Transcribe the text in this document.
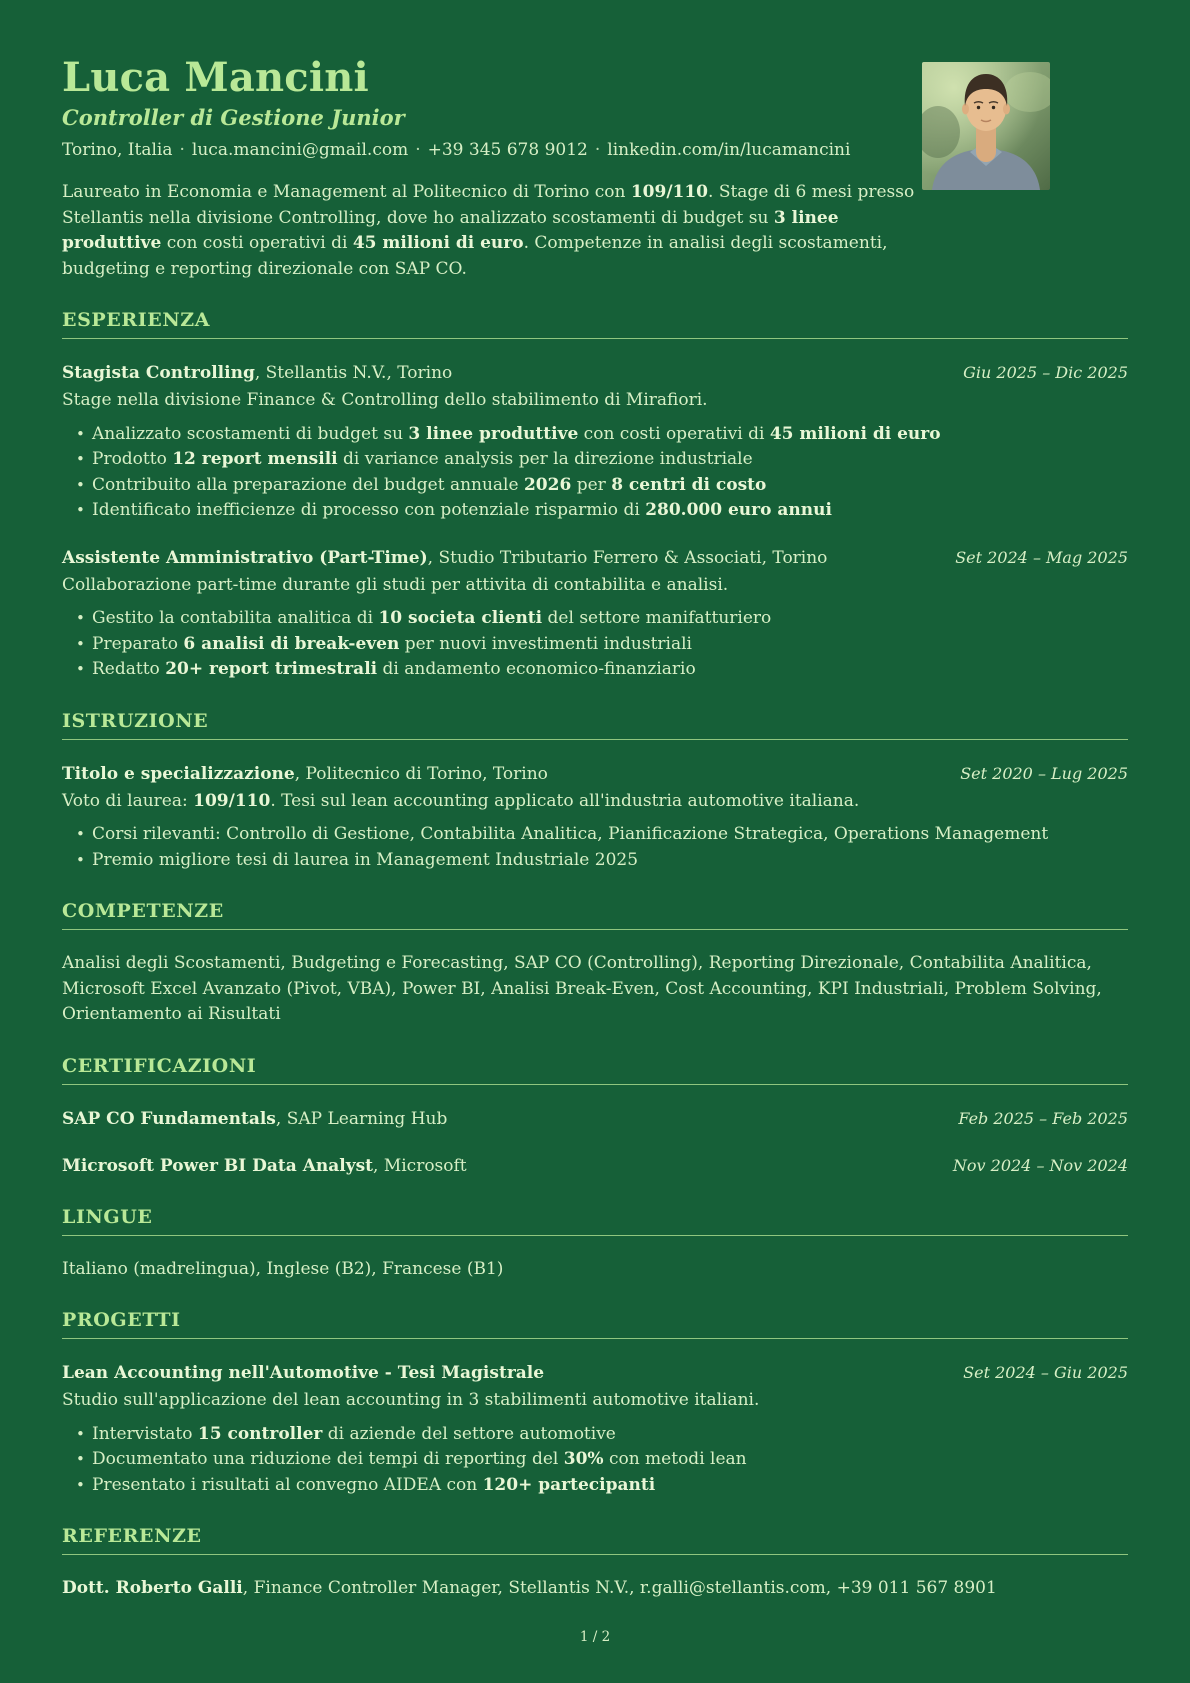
Luca Mancini
Controller di Gestione Junior
Torino, Italia · luca.mancini@gmail.com · +39 345 678 9012 · linkedin.com/in/lucamancini

Laureato in Economia e Management al Politecnico di Torino con 109/110. Stage di 6 mesi presso Stellantis nella divisione Controlling, dove ho analizzato scostamenti di budget su 3 linee produttive con costi operativi di 45 milioni di euro. Competenze in analisi degli scostamenti, budgeting e reporting direzionale con SAP CO.

ESPERIENZA
Stagista Controlling, Stellantis N.V., Torino	Giu 2025 – Dic 2025
Stage nella divisione Finance & Controlling dello stabilimento di Mirafiori.
• Analizzato scostamenti di budget su 3 linee produttive con costi operativi di 45 milioni di euro
• Prodotto 12 report mensili di variance analysis per la direzione industriale
• Contribuito alla preparazione del budget annuale 2026 per 8 centri di costo
• Identificato inefficienze di processo con potenziale risparmio di 280.000 euro annui
Assistente Amministrativo (Part-Time), Studio Tributario Ferrero & Associati, Torino	Set 2024 – Mag 2025
Collaborazione part-time durante gli studi per attivita di contabilita e analisi.
• Gestito la contabilita analitica di 10 societa clienti del settore manifatturiero
• Preparato 6 analisi di break-even per nuovi investimenti industriali
• Redatto 20+ report trimestrali di andamento economico-finanziario
ISTRUZIONE
Titolo e specializzazione, Politecnico di Torino, Torino	Set 2020 – Lug 2025
Voto di laurea: 109/110. Tesi sul lean accounting applicato all'industria automotive italiana.
• Corsi rilevanti: Controllo di Gestione, Contabilita Analitica, Pianificazione Strategica, Operations Management
• Premio migliore tesi di laurea in Management Industriale 2025
COMPETENZE
Analisi degli Scostamenti, Budgeting e Forecasting, SAP CO (Controlling), Reporting Direzionale, Contabilita Analitica, Microsoft Excel Avanzato (Pivot, VBA), Power BI, Analisi Break-Even, Cost Accounting, KPI Industriali, Problem Solving, Orientamento ai Risultati
CERTIFICAZIONI
SAP CO Fundamentals, SAP Learning Hub	Feb 2025 – Feb 2025
Microsoft Power BI Data Analyst, Microsoft	Nov 2024 – Nov 2024
LINGUE
Italiano (madrelingua), Inglese (B2), Francese (B1)
PROGETTI
Lean Accounting nell'Automotive - Tesi Magistrale	Set 2024 – Giu 2025
Studio sull'applicazione del lean accounting in 3 stabilimenti automotive italiani.
• Intervistato 15 controller di aziende del settore automotive
• Documentato una riduzione dei tempi di reporting del 30% con metodi lean
• Presentato i risultati al convegno AIDEA con 120+ partecipanti
REFERENZE
Dott. Roberto Galli, Finance Controller Manager, Stellantis N.V., r.galli@stellantis.com, +39 011 567 8901
1 / 2
